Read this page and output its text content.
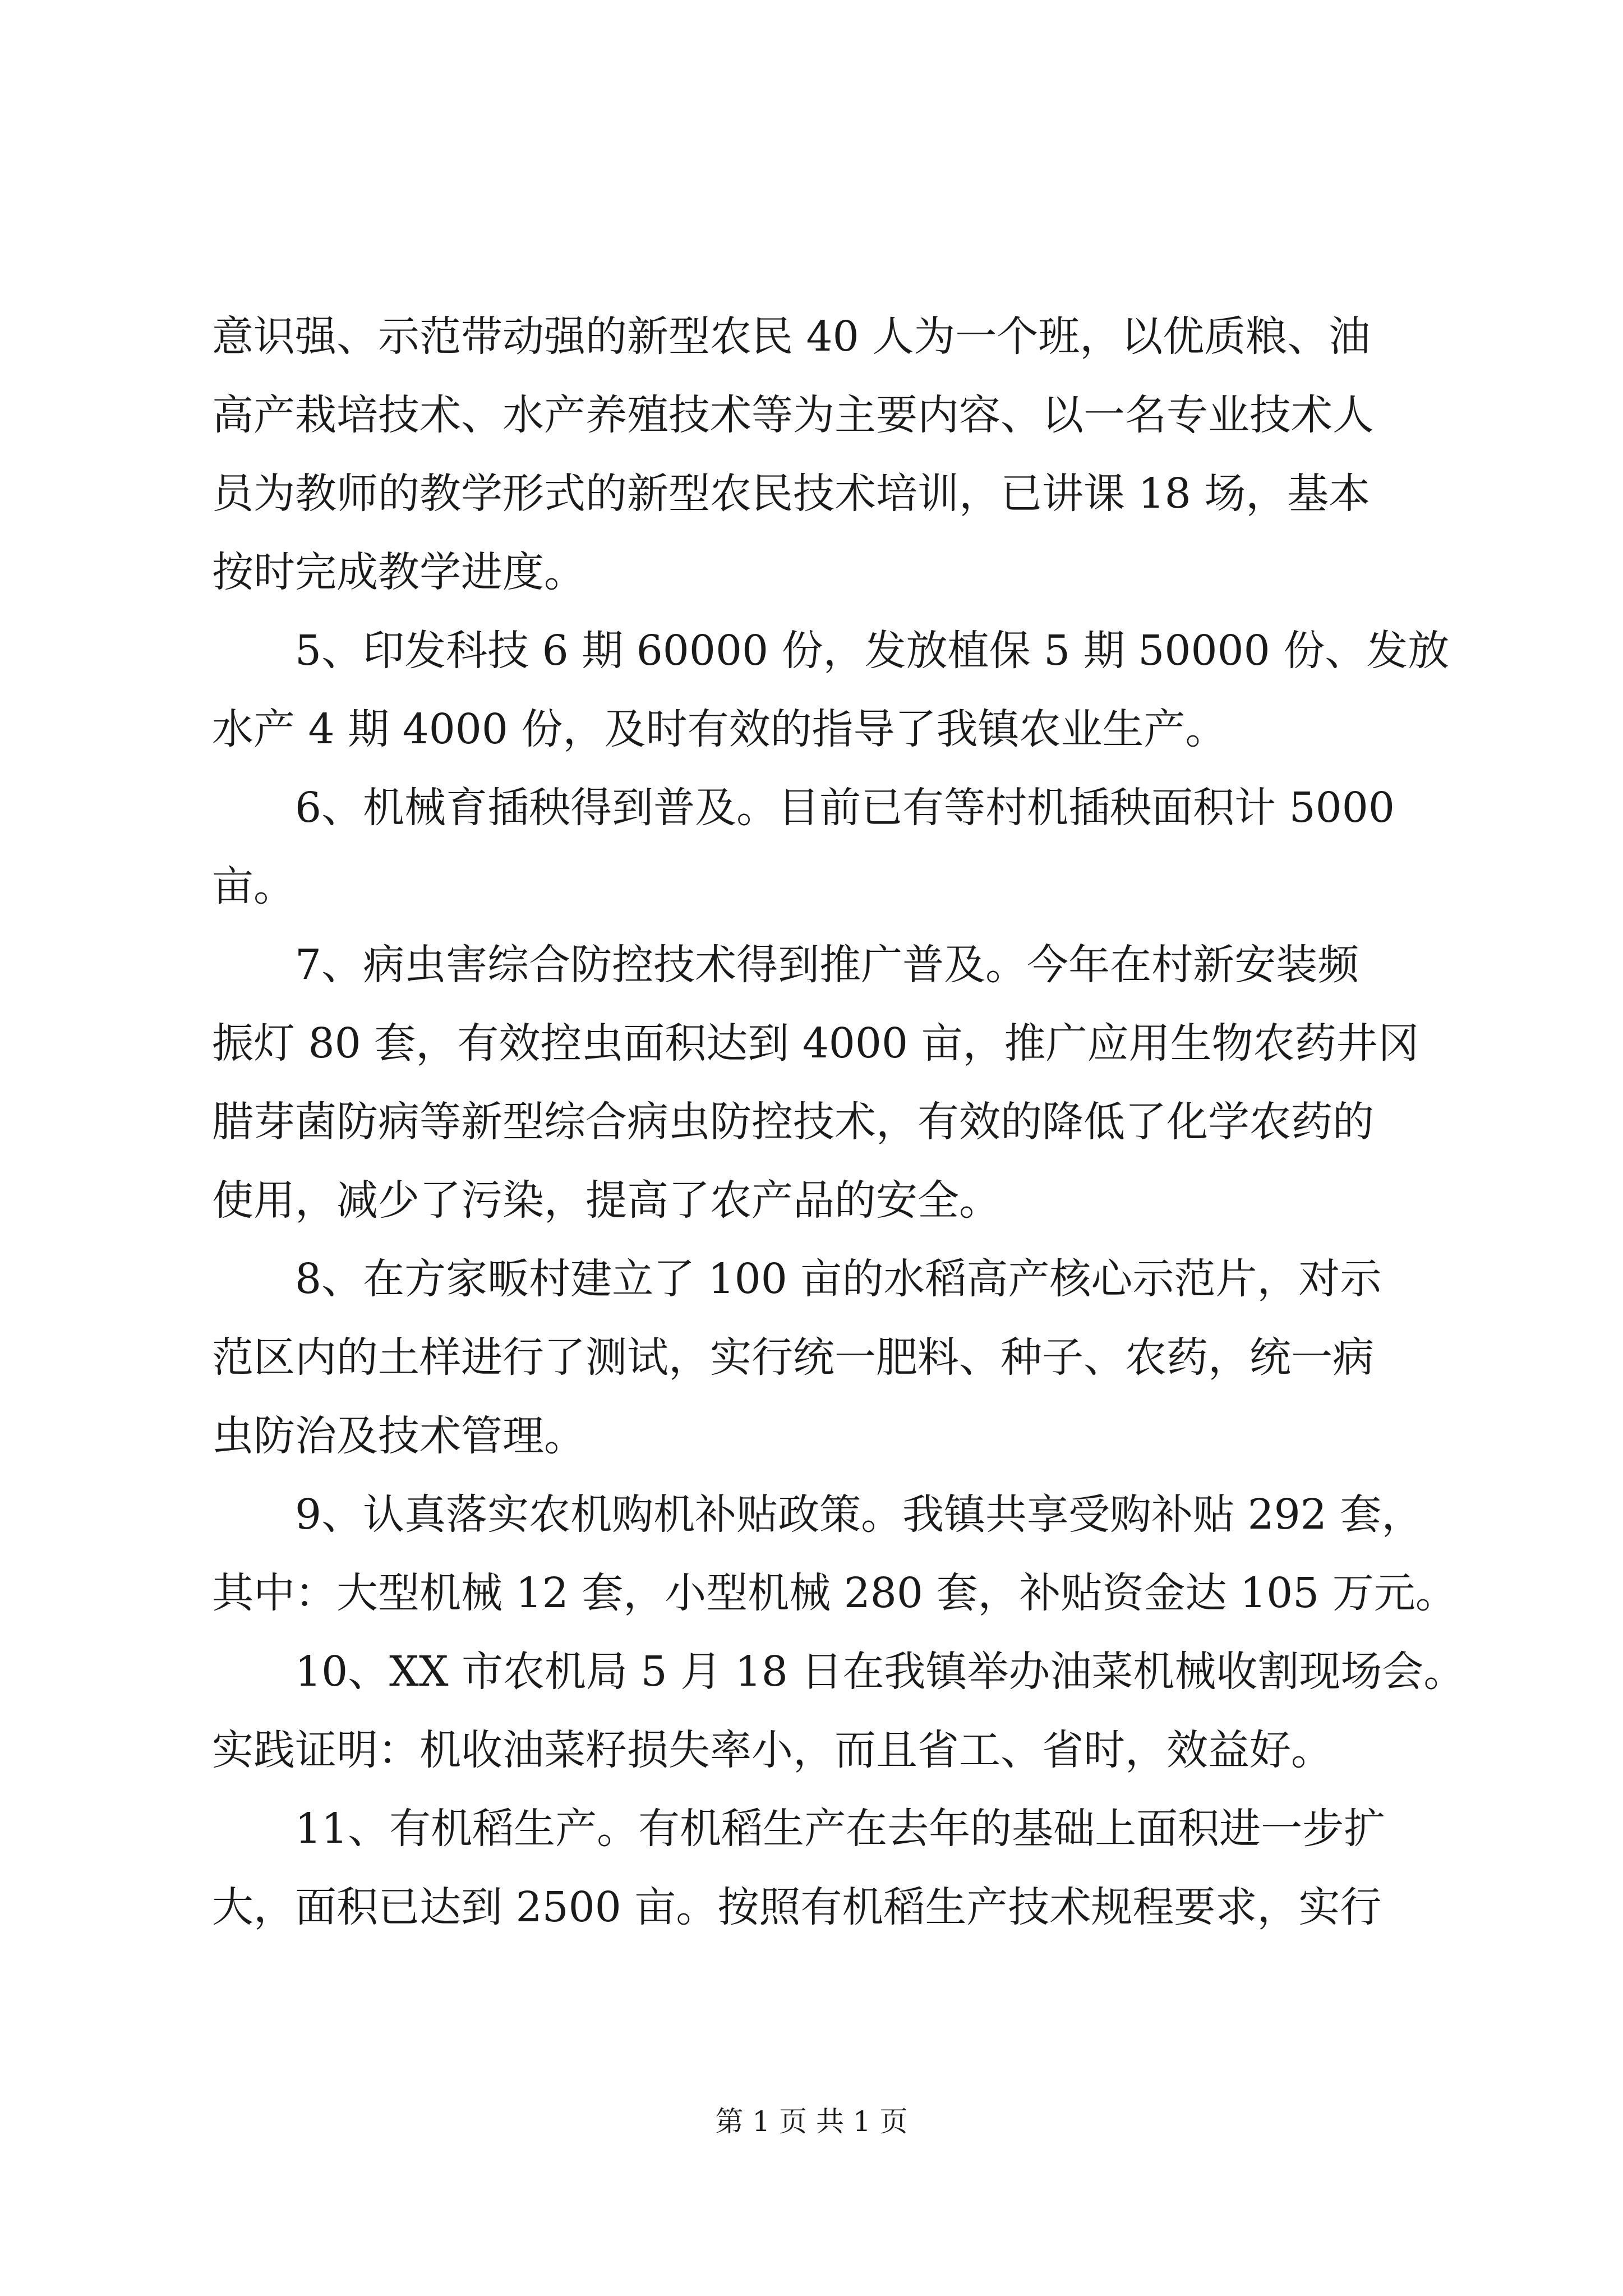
意识强、示范带动强的新型农民 40 人为一个班，以优质粮、油
高产栽培技术、水产养殖技术等为主要内容、以一名专业技术人
员为教师的教学形式的新型农民技术培训，已讲课 18 场，基本
按时完成教学进度。
5、印发科技 6 期 60000 份，发放植保 5 期 50000 份、发放
水产 4 期 4000 份，及时有效的指导了我镇农业生产。
6、机械育插秧得到普及。目前已有等村机插秧面积计 5000
亩。
7、病虫害综合防控技术得到推广普及。今年在村新安装频
振灯 80 套，有效控虫面积达到 4000 亩，推广应用生物农药井冈
腊芽菌防病等新型综合病虫防控技术，有效的降低了化学农药的
使用，减少了污染，提高了农产品的安全。
8、在方家畈村建立了 100 亩的水稻高产核心示范片，对示
范区内的土样进行了测试，实行统一肥料、种子、农药，统一病
虫防治及技术管理。
9、认真落实农机购机补贴政策。我镇共享受购补贴 292 套，
其中：大型机械 12 套，小型机械 280 套，补贴资金达 105 万元。
10、XX 市农机局 5 月 18 日在我镇举办油菜机械收割现场会。
实践证明：机收油菜籽损失率小，而且省工、省时，效益好。
11、有机稻生产。有机稻生产在去年的基础上面积进一步扩
大，面积已达到 2500 亩。按照有机稻生产技术规程要求，实行
第 1 页 共 1 页
